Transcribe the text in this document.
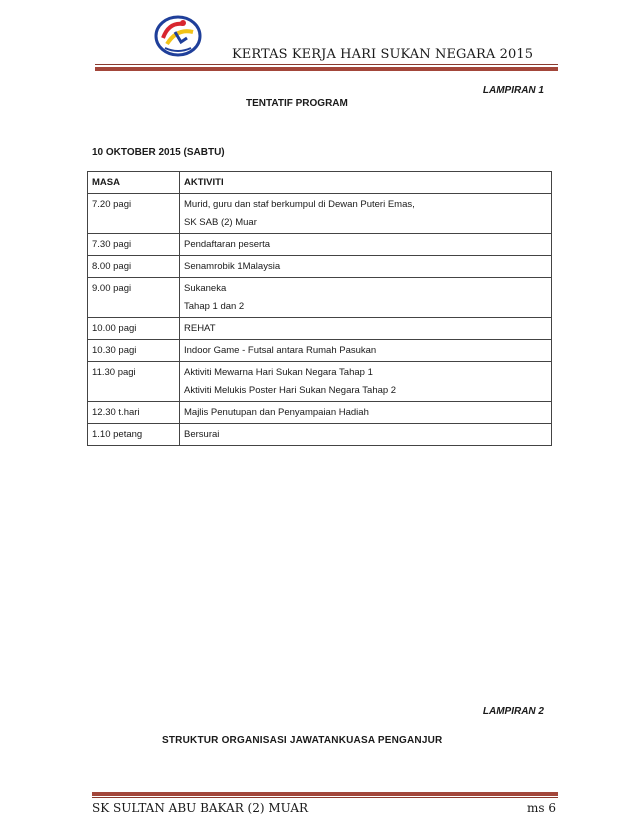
KERTAS KERJA HARI SUKAN NEGARA 2015
LAMPIRAN 1
TENTATIF PROGRAM
10 OKTOBER 2015 (SABTU)
MASA	AKTIVITI
7.20 pagi	Murid, guru dan staf berkumpul di Dewan Puteri Emas,
SK SAB (2) Muar

7.30 pagi	Pendaftaran peserta
8.00 pagi	Senamrobik 1Malaysia
9.00 pagi	Sukaneka
Tahap 1 dan 2

10.00 pagi	REHAT
10.30 pagi	Indoor Game - Futsal antara Rumah Pasukan
11.30 pagi	Aktiviti Mewarna Hari Sukan Negara Tahap 1
Aktiviti Melukis Poster Hari Sukan Negara Tahap 2

12.30 t.hari	Majlis Penutupan dan Penyampaian Hadiah
1.10 petang	Bersurai
LAMPIRAN 2
STRUKTUR ORGANISASI JAWATANKUASA PENGANJUR
SK SULTAN ABU BAKAR (2) MUAR	ms 6
